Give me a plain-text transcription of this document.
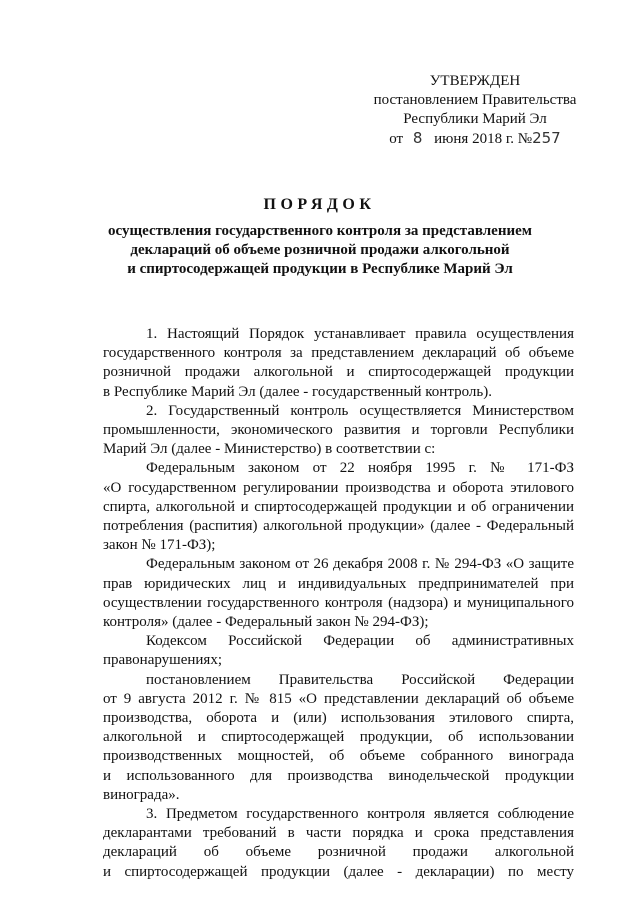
УТВЕРЖДЕН
постановлением Правительства
Республики Марий Эл
от 8 июня 2018 г. №257
ПОРЯДОК
осуществления государственного контроля за представлением
деклараций об объеме розничной продажи алкогольной
и спиртосодержащей продукции в Республике Марий Эл
1. Настоящий Порядок устанавливает правила осуществления
государственного контроля за представлением деклараций об объеме
розничной продажи алкогольной и спиртосодержащей продукции
в Республике Марий Эл (далее - государственный контроль).
2. Государственный контроль осуществляется Министерством
промышленности, экономического развития и торговли Республики
Марий Эл (далее - Министерство) в соответствии с:
Федеральным законом от 22 ноября 1995 г. № 171-ФЗ
«О государственном регулировании производства и оборота этилового
спирта, алкогольной и спиртосодержащей продукции и об ограничении
потребления (распития) алкогольной продукции» (далее - Федеральный
закон № 171-ФЗ);
Федеральным законом от 26 декабря 2008 г. № 294-ФЗ «О защите
прав юридических лиц и индивидуальных предпринимателей при
осуществлении государственного контроля (надзора) и муниципального
контроля» (далее - Федеральный закон № 294-ФЗ);
Кодексом Российской Федерации об административных
правонарушениях;
постановлением Правительства Российской Федерации
от 9 августа 2012 г. № 815 «О представлении деклараций об объеме
производства, оборота и (или) использования этилового спирта,
алкогольной и спиртосодержащей продукции, об использовании
производственных мощностей, об объеме собранного винограда
и использованного для производства винодельческой продукции
винограда».
3. Предметом государственного контроля является соблюдение
декларантами требований в части порядка и срока представления
деклараций об объеме розничной продажи алкогольной
и спиртосодержащей продукции (далее - декларации) по месту
